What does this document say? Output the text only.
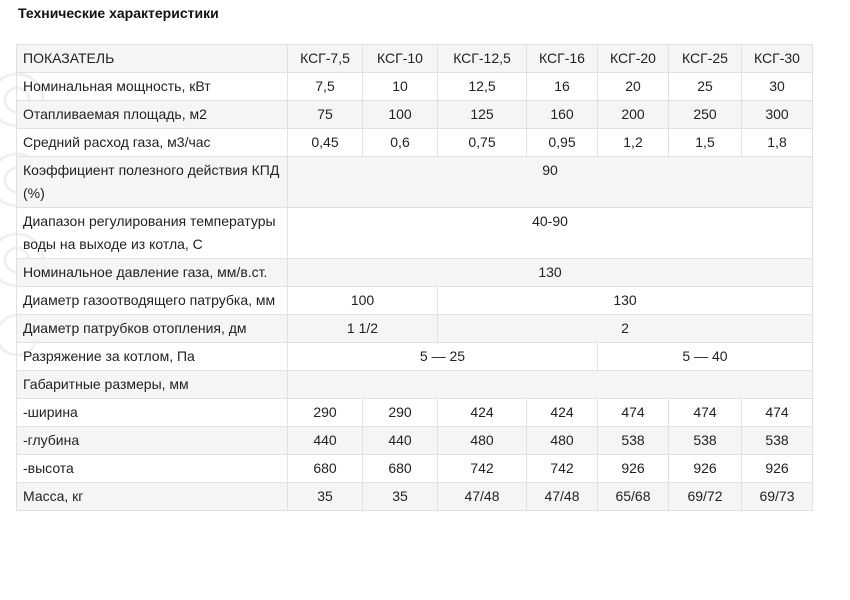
Технические характеристики
ПОКАЗАТЕЛЬ	КСГ-7,5	КСГ-10	КСГ-12,5	КСГ-16	КСГ-20	КСГ-25	КСГ-30
Номинальная мощность, кВт	7,5	10	12,5	16	20	25	30
Отапливаемая площадь, м2	75	100	125	160	200	250	300
Средний расход газа, м3/час	0,45	0,6	0,75	0,95	1,2	1,5	1,8
Коэффициент полезного действия КПД (%)	90						
Диапазон регулирования температуры воды на выходе из котла, С	40-90						
Номинальное давление газа, мм/в.ст.	130						
Диаметр газоотводящего патрубка, мм	100		130				
Диаметр патрубков отопления, дм	1 1/2		2				
Разряжение за котлом, Па	5 — 25				5 — 40		
Габаритные размеры, мм							
-ширина	290	290	424	424	474	474	474
-глубина	440	440	480	480	538	538	538
-высота	680	680	742	742	926	926	926
Масса, кг	35	35	47/48	47/48	65/68	69/72	69/73
